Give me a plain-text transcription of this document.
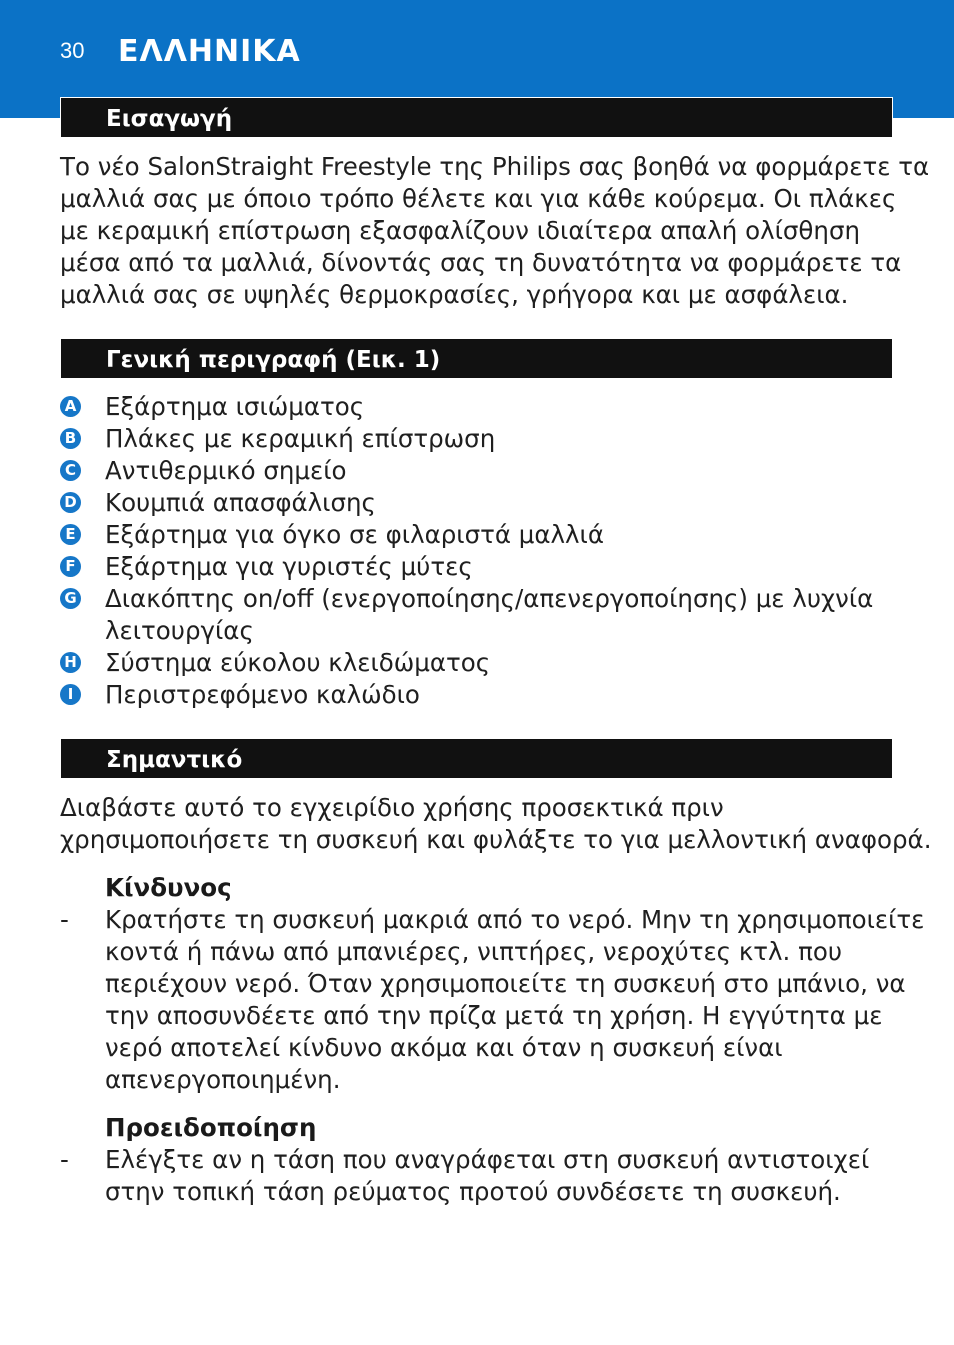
30 ΕΛΛΗΝΙΚΑ
Εισαγωγή
Το νέο SalonStraight Freestyle της Philips σας βοηθά να φορμάρετε τα
μαλλιά σας με όποιο τρόπο θέλετε και για κάθε κούρεμα. Οι πλάκες
με κεραμική επίστρωση εξασφαλίζουν ιδιαίτερα απαλή ολίσθηση
μέσα από τα μαλλιά, δίνοντάς σας τη δυνατότητα να φορμάρετε τα
μαλλιά σας σε υψηλές θερμοκρασίες, γρήγορα και με ασφάλεια.
Γενική περιγραφή (Εικ. 1)
A Εξάρτημα ισιώματος
B Πλάκες με κεραμική επίστρωση
C Αντιθερμικό σημείο
D Κουμπιά απασφάλισης
E Εξάρτημα για όγκο σε φιλαριστά μαλλιά
F Εξάρτημα για γυριστές μύτες
G Διακόπτης on/off (ενεργοποίησης/απενεργοποίησης) με λυχνία
λειτουργίας
H Σύστημα εύκολου κλειδώματος
I	Περιστρεφόμενο καλώδιο
Σημαντικό
Διαβάστε αυτό το εγχειρίδιο χρήσης προσεκτικά πριν
χρησιμοποιήσετε τη συσκευή και φυλάξτε το για μελλοντική αναφορά.
Κίνδυνος
- Κρατήστε τη συσκευή μακριά από το νερό. Μην τη χρησιμοποιείτε
κοντά ή πάνω από μπανιέρες, νιπτήρες, νεροχύτες κτλ. που
περιέχουν νερό. Όταν χρησιμοποιείτε τη συσκευή στο μπάνιο, να
την αποσυνδέετε από την πρίζα μετά τη χρήση. Η εγγύτητα με
νερό αποτελεί κίνδυνο ακόμα και όταν η συσκευή είναι
απενεργοποιημένη.
Προειδοποίηση
- Ελέγξτε αν η τάση που αναγράφεται στη συσκευή αντιστοιχεί
στην τοπική τάση ρεύματος προτού συνδέσετε τη συσκευή.
